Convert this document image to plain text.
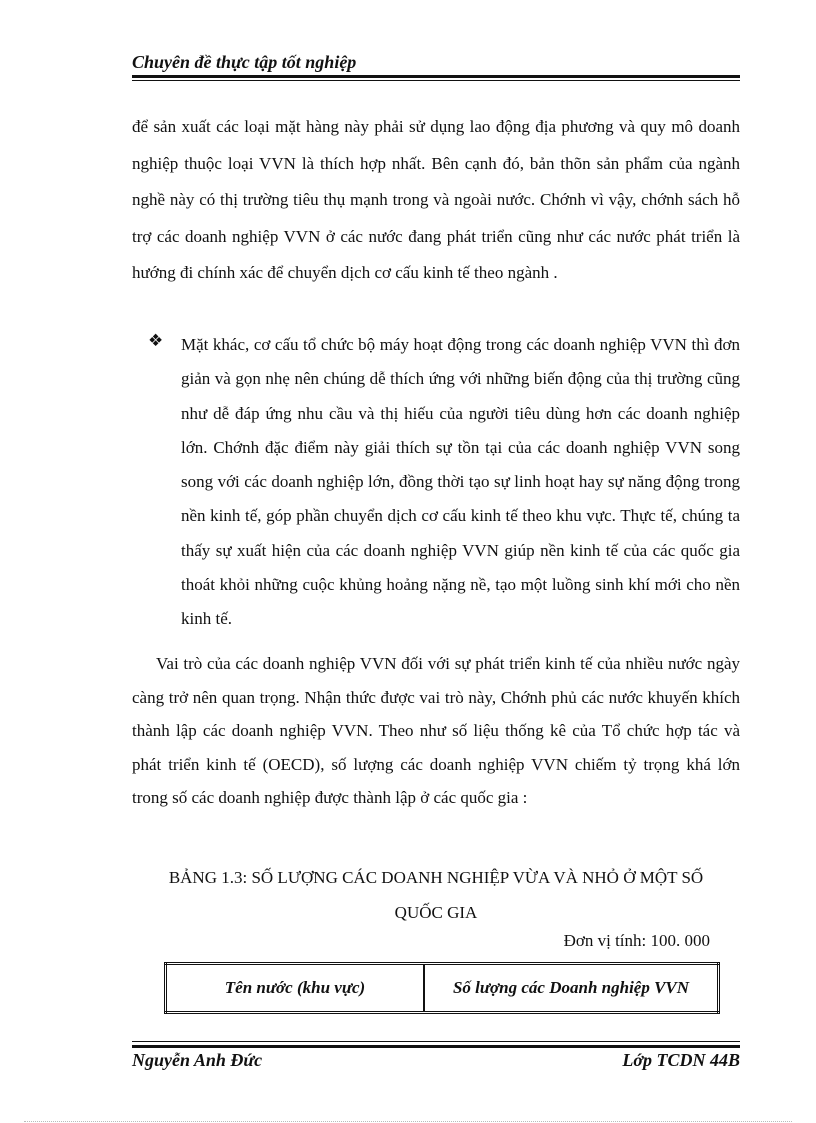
Chuyên đề thực tập tốt nghiệp

để sản xuất các loại mặt hàng này phải sử dụng lao động địa phương và quy mô doanh nghiệp thuộc loại VVN là thích hợp nhất. Bên cạnh đó, bản thõn sản phẩm của ngành nghề này có thị trường tiêu thụ mạnh trong và ngoài nước. Chớnh vì vậy, chớnh sách hỗ trợ các doanh nghiệp VVN ở các nước đang phát triển cũng như các nước phát triển là hướng đi chính xác để chuyển dịch cơ cấu kinh tế theo ngành .

❖ Mặt khác, cơ cấu tổ chức bộ máy hoạt động trong các doanh nghiệp VVN thì đơn giản và gọn nhẹ nên chúng dễ thích ứng với những biến động của thị trường cũng như dễ đáp ứng nhu cầu và thị hiếu của người tiêu dùng hơn các doanh nghiệp lớn. Chớnh đặc điểm này giải thích sự tồn tại của các doanh nghiệp VVN song song với các doanh nghiệp lớn, đồng thời tạo sự linh hoạt hay sự năng động trong nền kinh tế, góp phần chuyển dịch cơ cấu kinh tế theo khu vực. Thực tế, chúng ta thấy sự xuất hiện của các doanh nghiệp VVN giúp nền kinh tế của các quốc gia thoát khỏi những cuộc khủng hoảng nặng nề, tạo một luồng sinh khí mới cho nền kinh tế.

Vai trò của các doanh nghiệp VVN đối với sự phát triển kinh tế của nhiều nước ngày càng trở nên quan trọng. Nhận thức được vai trò này, Chớnh phủ các nước khuyến khích thành lập các doanh nghiệp VVN. Theo như số liệu thống kê của Tổ chức hợp tác và phát triển kinh tế (OECD), số lượng các doanh nghiệp VVN chiếm tỷ trọng khá lớn trong số các doanh nghiệp được thành lập ở các quốc gia :

BẢNG 1.3: SỐ LƯỢNG CÁC DOANH NGHIỆP VỪA VÀ NHỎ Ở MỘT SỐ
QUỐC GIA
Đơn vị tính: 100. 000
Tên nước (khu vực)	Số lượng các Doanh nghiệp VVN
Nguyễn Anh Đức	Lớp TCDN 44B
